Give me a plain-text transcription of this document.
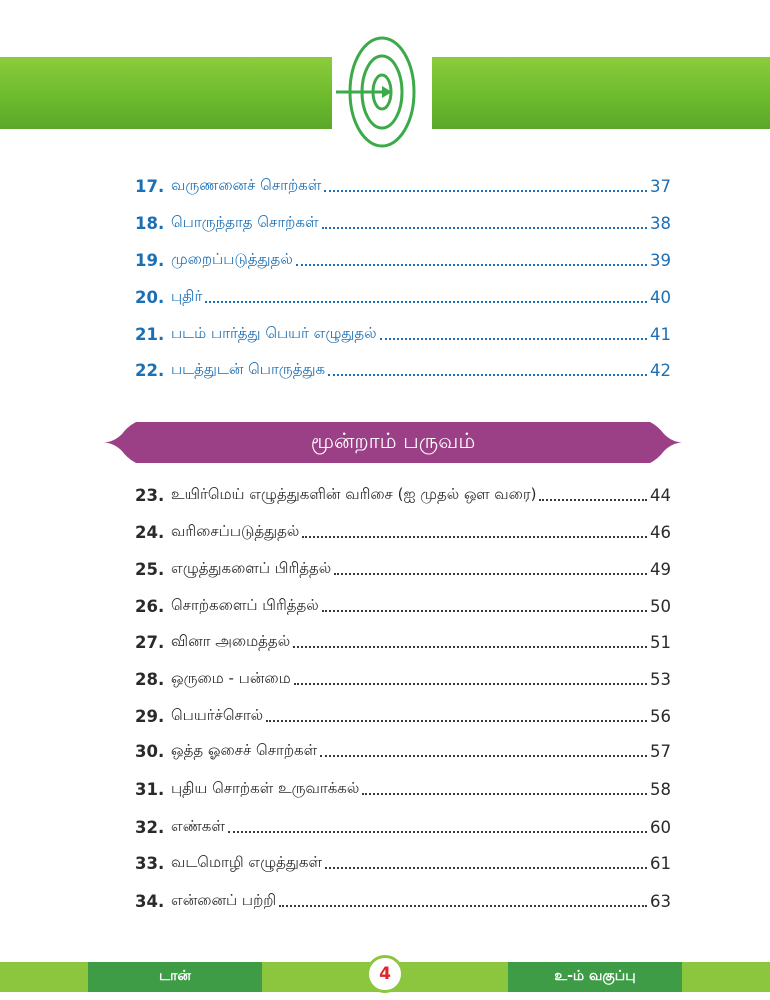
17. வருணனைச் சொற்கள்	37
18. பொருந்தாத சொற்கள்	38
19. முறைப்படுத்துதல்	39
20. புதிர்	40
21. படம் பார்த்து பெயர் எழுதுதல்	41
22. படத்துடன் பொருத்துக	42
மூன்றாம் பருவம்
23. உயிர்மெய் எழுத்துகளின் வரிசை (ஐ முதல் ஔ வரை)	44
24. வரிசைப்படுத்துதல்	46
25. எழுத்துகளைப் பிரித்தல்	49
26. சொற்களைப் பிரித்தல்	50
27. வினா அமைத்தல்	51
28. ஒருமை - பன்மை	53
29. பெயர்ச்சொல்	56
30. ஒத்த ஓசைச் சொற்கள்	57
31. புதிய சொற்கள் உருவாக்கல்	58
32. எண்கள்	60
33. வடமொழி எழுத்துகள்	61
34. என்னைப் பற்றி	63
டான்	உ-ம் வகுப்பு
4
